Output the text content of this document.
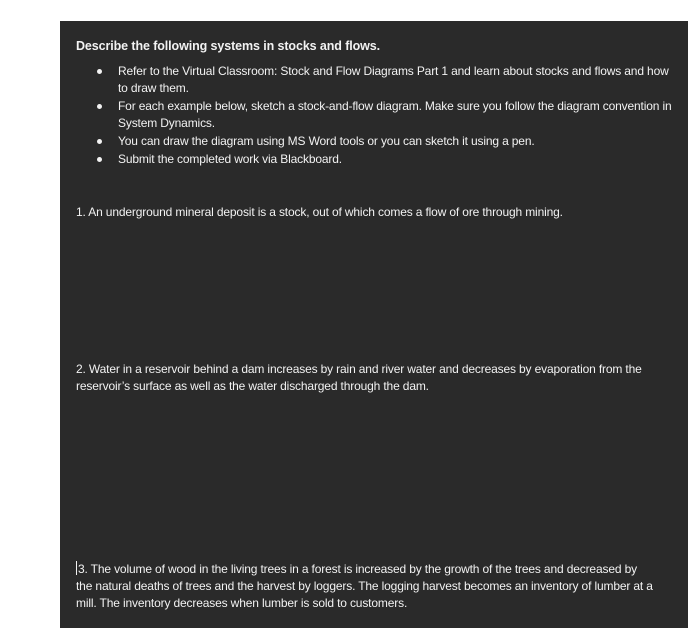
Describe the following systems in stocks and flows.
Refer to the Virtual Classroom: Stock and Flow Diagrams Part 1 and learn about stocks and flows and how to draw them.
For each example below, sketch a stock-and-flow diagram. Make sure you follow the diagram convention in System Dynamics.
You can draw the diagram using MS Word tools or you can sketch it using a pen.
Submit the completed work via Blackboard.
1. An underground mineral deposit is a stock, out of which comes a flow of ore through mining.
2. Water in a reservoir behind a dam increases by rain and river water and decreases by evaporation from the reservoir’s surface as well as the water discharged through the dam.
3. The volume of wood in the living trees in a forest is increased by the growth of the trees and decreased by the natural deaths of trees and the harvest by loggers. The logging harvest becomes an inventory of lumber at a mill. The inventory decreases when lumber is sold to customers.
